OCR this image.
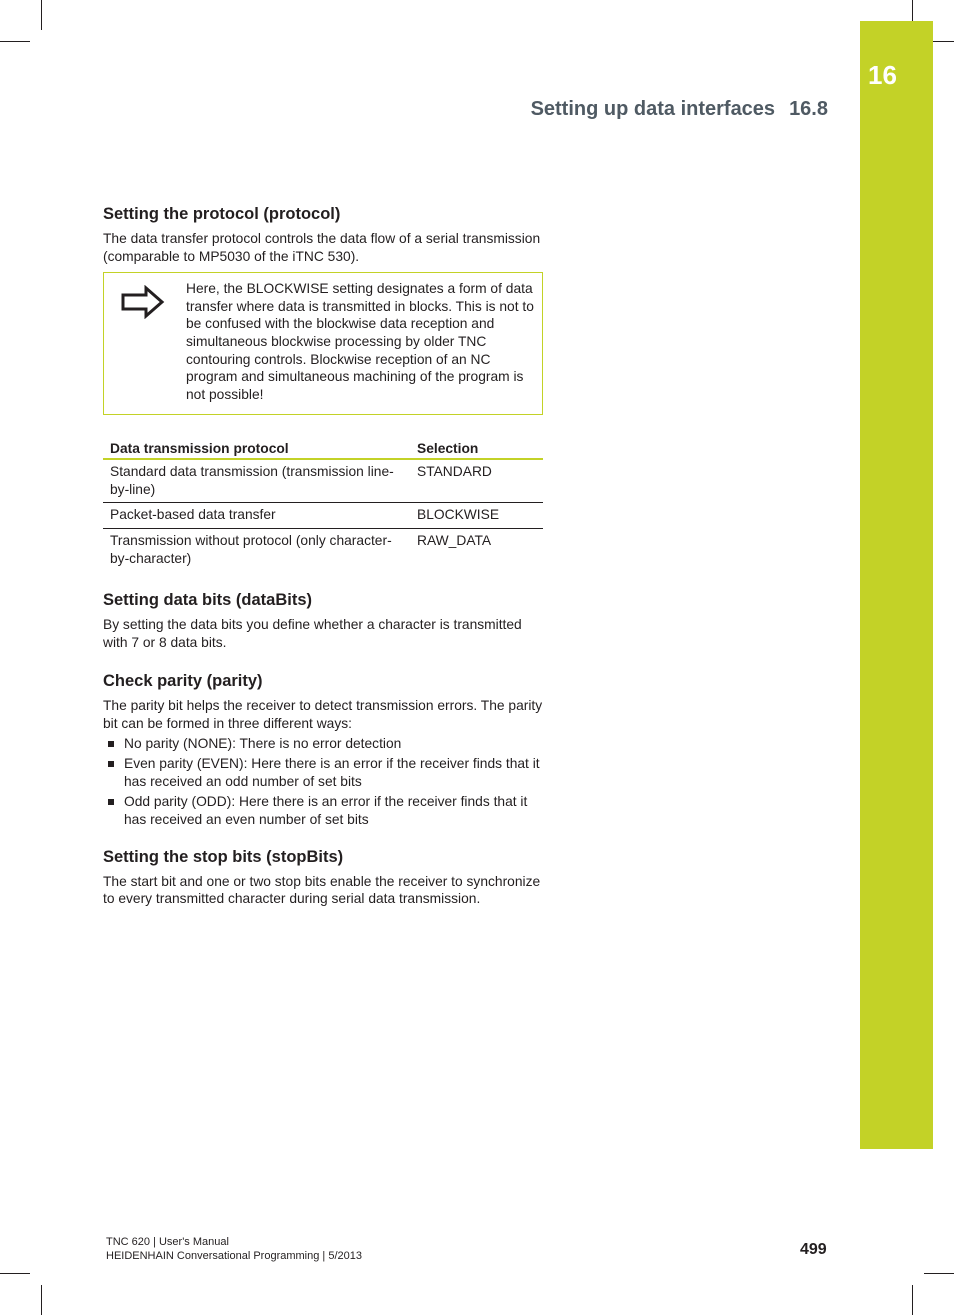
16
Setting up data interfaces 16.8
Setting the protocol (protocol)

The data transfer protocol controls the data flow of a serial transmission (comparable to MP5030 of the iTNC 530).

Here, the BLOCKWISE setting designates a form of data transfer where data is transmitted in blocks. This is not to be confused with the blockwise data reception and simultaneous blockwise processing by older TNC contouring controls. Blockwise reception of an NC program and simultaneous machining of the program is not possible!
Data transmission protocol	Selection
Standard data transmission (transmission line-by-line)	STANDARD
Packet-based data transfer	BLOCKWISE
Transmission without protocol (only character-by-character)	RAW_DATA
Setting data bits (dataBits)

By setting the data bits you define whether a character is transmitted with 7 or 8 data bits.

Check parity (parity)

The parity bit helps the receiver to detect transmission errors. The parity bit can be formed in three different ways:

No parity (NONE): There is no error detection
Even parity (EVEN): Here there is an error if the receiver finds that it has received an odd number of set bits
Odd parity (ODD): Here there is an error if the receiver finds that it has received an even number of set bits
Setting the stop bits (stopBits)

The start bit and one or two stop bits enable the receiver to synchronize to every transmitted character during serial data transmission.

TNC 620 | User's Manual
HEIDENHAIN Conversational Programming | 5/2013	499
